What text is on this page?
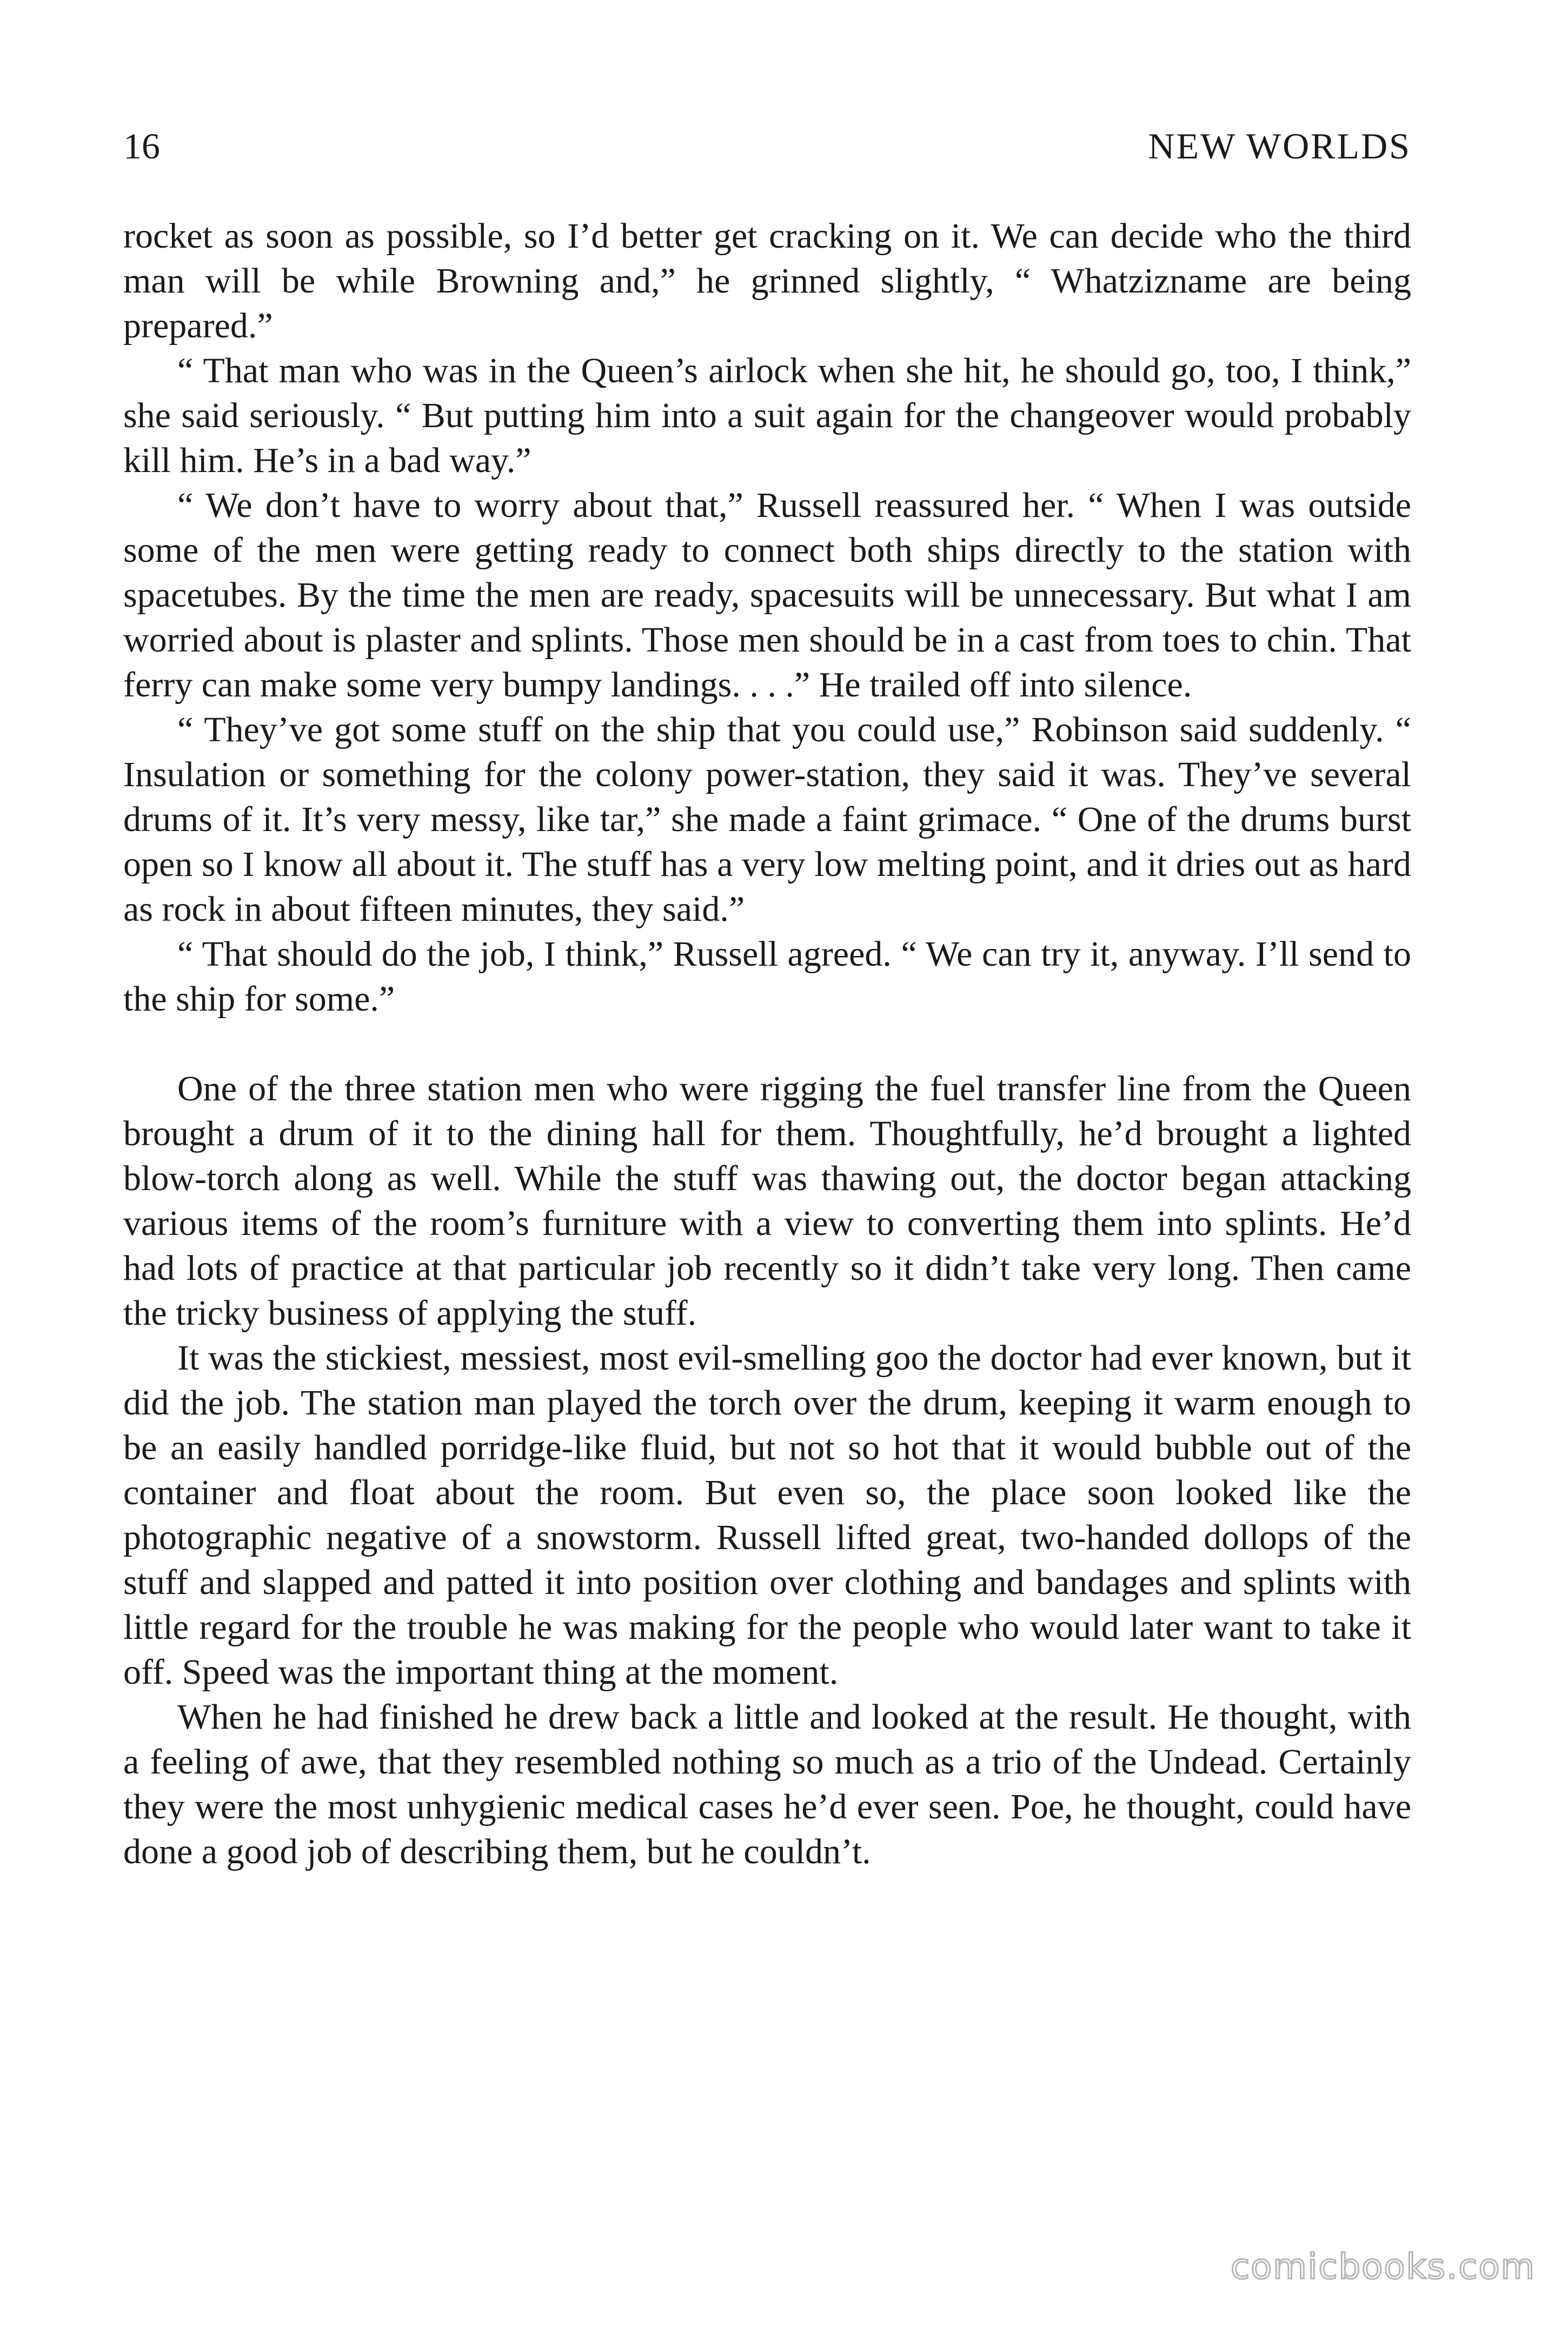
16	NEW WORLDS

rocket as soon as possible, so I’d better get cracking on it. We can decide who the third man will be while Browning and,” he grinned slightly, “ Whatzizname are being prepared.”

“ That man who was in the Queen’s airlock when she hit, he should go, too, I think,” she said seriously. “ But putting him into a suit again for the changeover would probably kill him. He’s in a bad way.”

“ We don’t have to worry about that,” Russell reassured her. “ When I was outside some of the men were getting ready to connect both ships directly to the station with spacetubes. By the time the men are ready, spacesuits will be unnecessary. But what I am worried about is plaster and splints. Those men should be in a cast from toes to chin. That ferry can make some very bumpy landings. . . .” He trailed off into silence.

“ They’ve got some stuff on the ship that you could use,” Robinson said suddenly. “ Insulation or something for the colony power-station, they said it was. They’ve several drums of it. It’s very messy, like tar,” she made a faint grimace. “ One of the drums burst open so I know all about it. The stuff has a very low melting point, and it dries out as hard as rock in about fifteen minutes, they said.”

“ That should do the job, I think,” Russell agreed. “ We can try it, anyway. I’ll send to the ship for some.”

One of the three station men who were rigging the fuel transfer line from the Queen brought a drum of it to the dining hall for them. Thoughtfully, he’d brought a lighted blow-torch along as well. While the stuff was thawing out, the doctor began attacking various items of the room’s furniture with a view to converting them into splints. He’d had lots of practice at that particular job recently so it didn’t take very long. Then came the tricky business of applying the stuff.

It was the stickiest, messiest, most evil-smelling goo the doctor had ever known, but it did the job. The station man played the torch over the drum, keeping it warm enough to be an easily handled porridge-like fluid, but not so hot that it would bubble out of the container and float about the room. But even so, the place soon looked like the photographic negative of a snowstorm. Russell lifted great, two-handed dollops of the stuff and slapped and patted it into position over clothing and bandages and splints with little regard for the trouble he was making for the people who would later want to take it off. Speed was the important thing at the moment.

When he had finished he drew back a little and looked at the result. He thought, with a feeling of awe, that they resembled nothing so much as a trio of the Undead. Certainly they were the most unhygienic medical cases he’d ever seen. Poe, he thought, could have done a good job of describing them, but he couldn’t.

comicbooks.com
